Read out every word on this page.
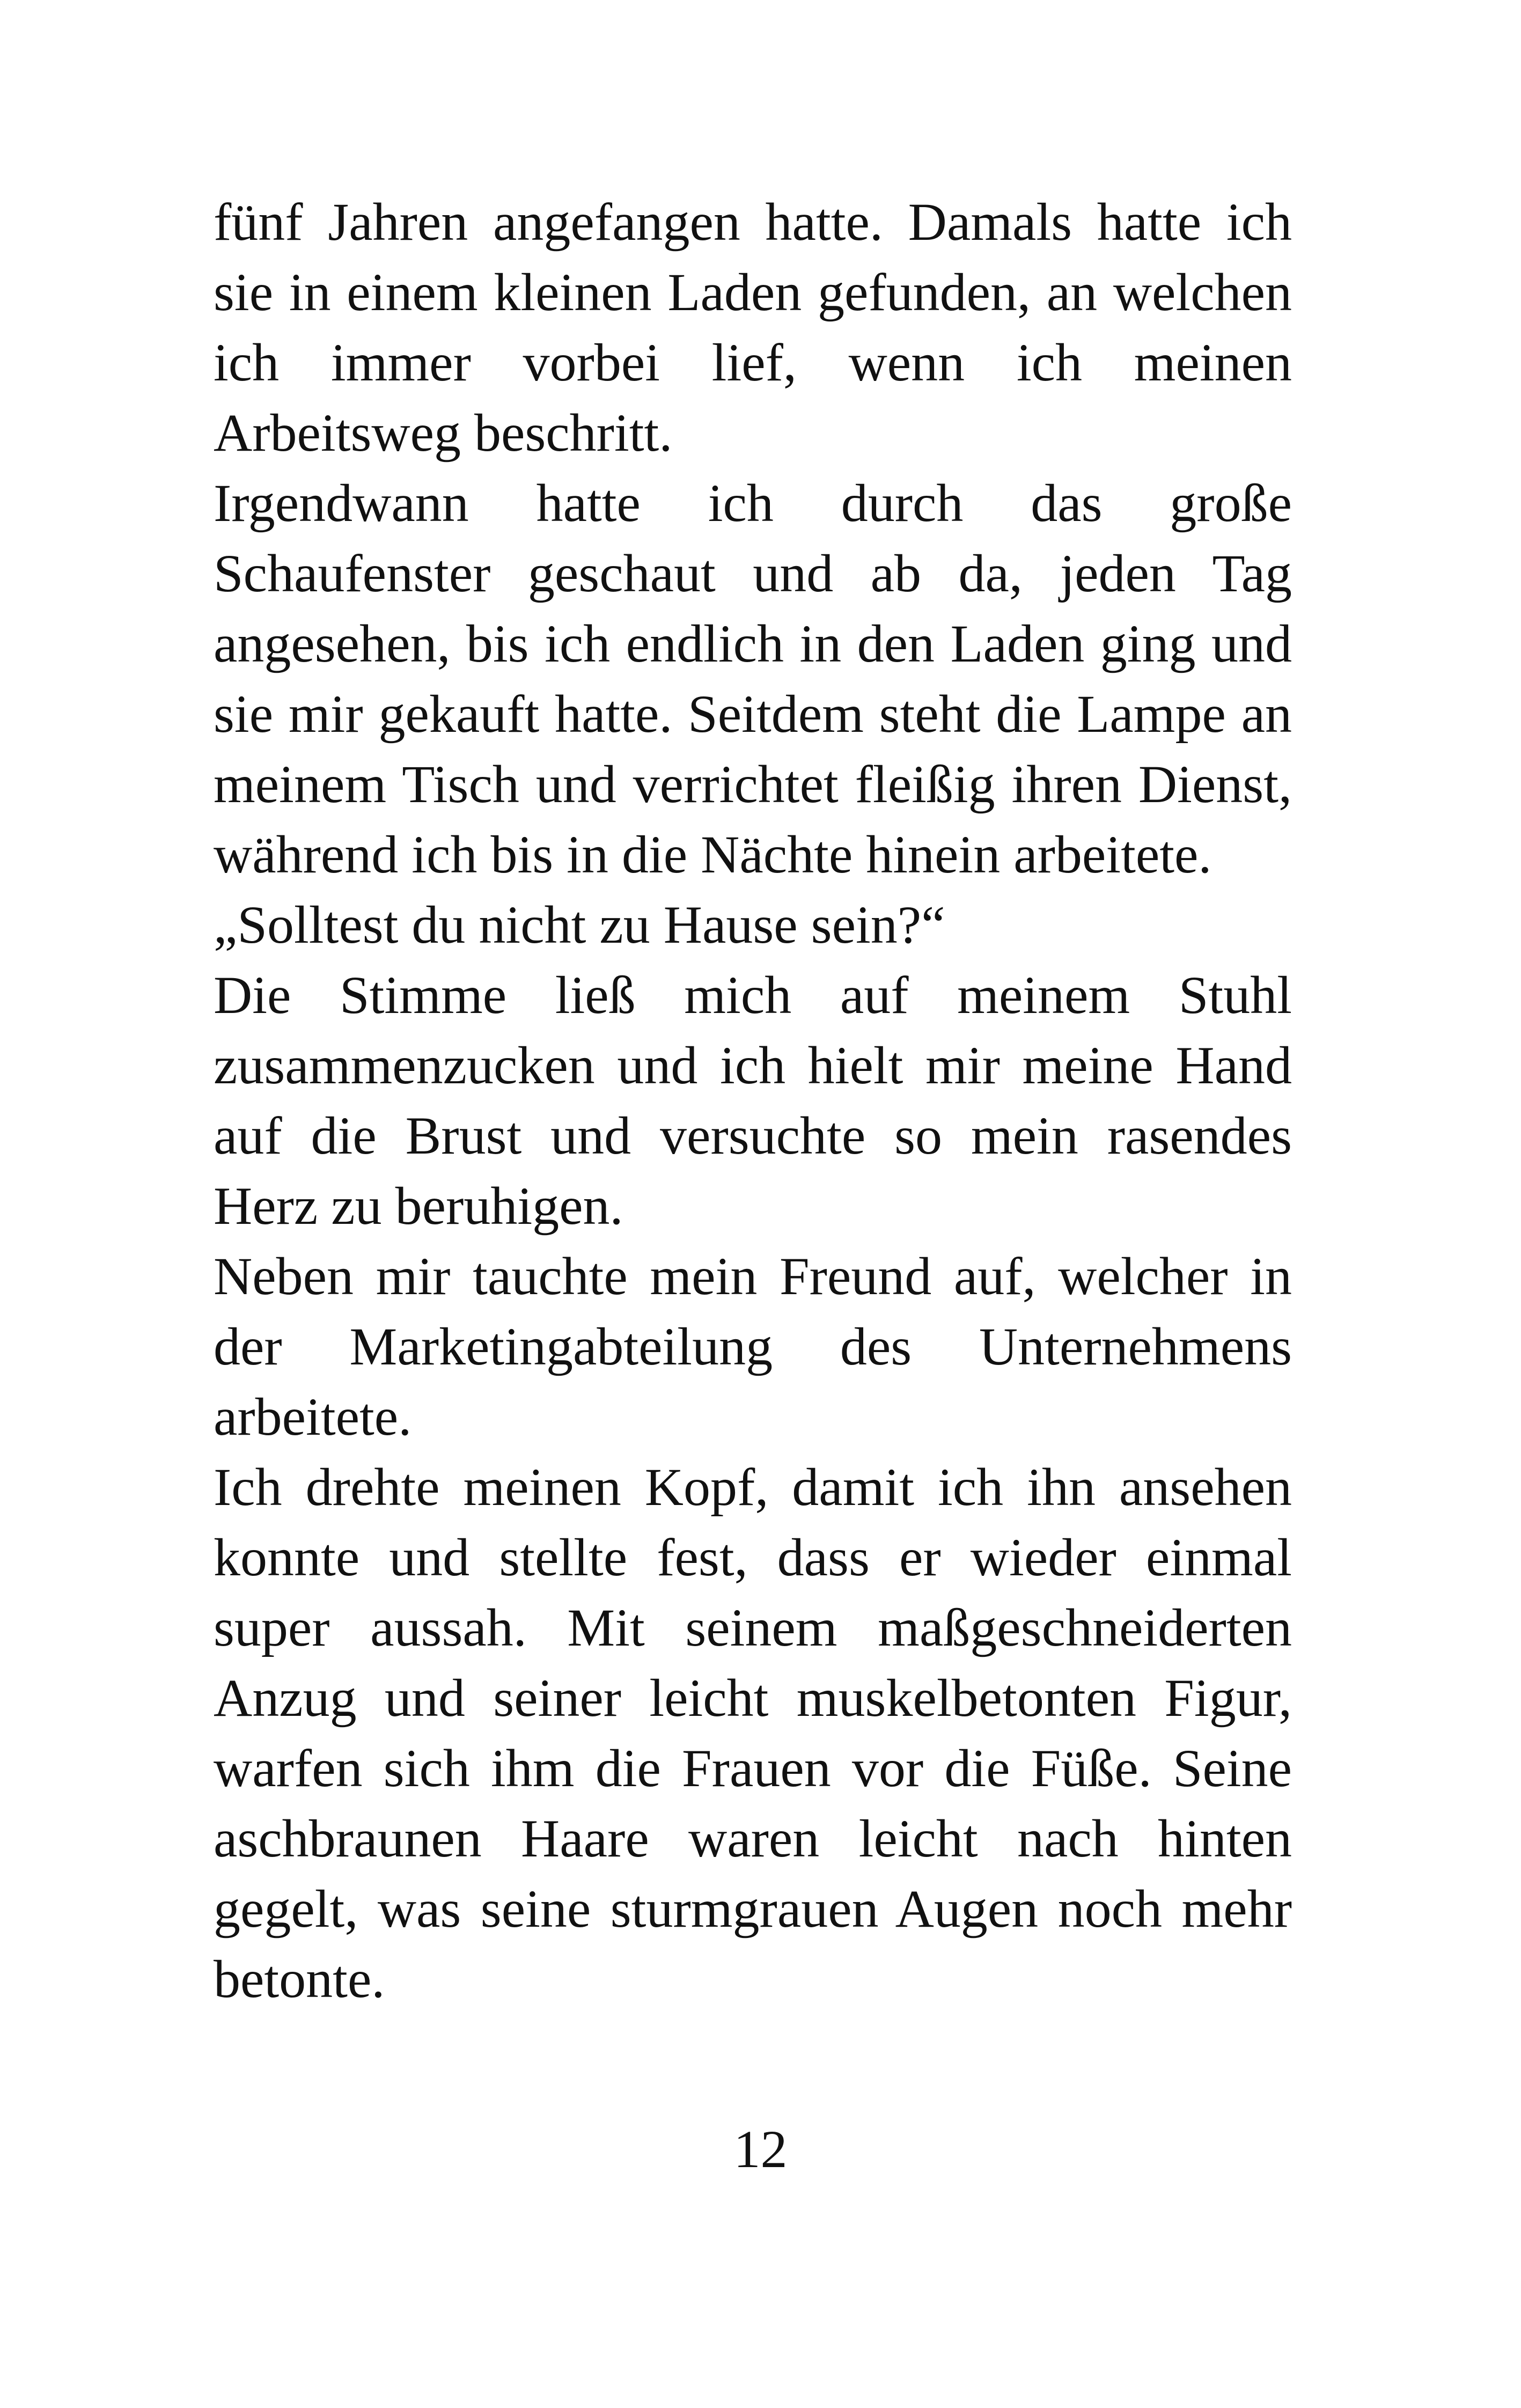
fünf Jahren angefangen hatte. Damals hatte ich sie in einem kleinen Laden gefunden, an welchen ich immer vorbei lief, wenn ich meinen Arbeitsweg beschritt.

Irgendwann hatte ich durch das große Schaufenster geschaut und ab da, jeden Tag angesehen, bis ich endlich in den Laden ging und sie mir gekauft hatte. Seitdem steht die Lampe an meinem Tisch und verrichtet fleißig ihren Dienst, während ich bis in die Nächte hinein arbeitete.

„Solltest du nicht zu Hause sein?“

Die Stimme ließ mich auf meinem Stuhl zusammenzucken und ich hielt mir meine Hand auf die Brust und versuchte so mein rasendes Herz zu beruhigen.

Neben mir tauchte mein Freund auf, welcher in der Marketingabteilung des Unternehmens arbeitete.

Ich drehte meinen Kopf, damit ich ihn ansehen konnte und stellte fest, dass er wieder einmal super aussah. Mit seinem maßgeschneiderten Anzug und seiner leicht muskelbetonten Figur, warfen sich ihm die Frauen vor die Füße. Seine aschbraunen Haare waren leicht nach hinten gegelt, was seine sturmgrauen Augen noch mehr betonte.

12
